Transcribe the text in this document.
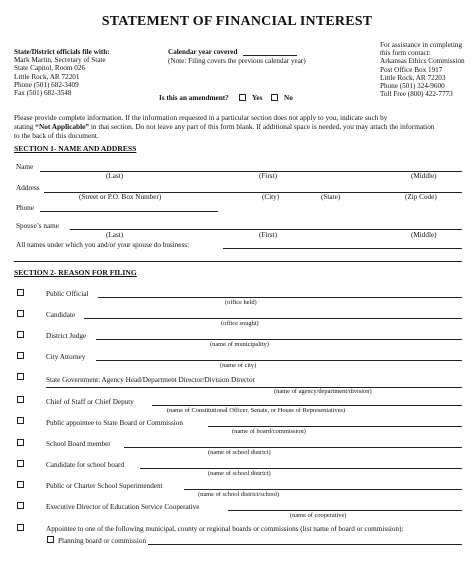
STATEMENT OF FINANCIAL INTEREST
State/District officials file with:
Mark Martin, Secretary of State
State Capitol, Room 026
Little Rock, AR 72201
Phone (501) 682-3409
Fax (501) 682-3548
Calendar year covered
(Note: Filing covers the previous calendar year)
Is this an amendment?	Yes	No
For assistance in completing
this form contact:
Arkansas Ethics Commission
Post Office Box 1917
Little Rock, AR 72203
Phone (501) 324-9600
Toll Free (800) 422-7773
Please provide complete information. If the information requested in a particular section does not apply to you, indicate such by
stating “Not Applicable” in that section. Do not leave any part of this form blank. If additional space is needed, you may attach the information
to the back of this document.
SECTION 1- NAME AND ADDRESS
Name
(Last)	(First)	(Middle)
Address
(Street or P.O. Box Number)	(City)	(State)	(Zip Code)
Phone
Spouse’s name
(Last)	(First)	(Middle)
All names under which you and/or your spouse do business:
SECTION 2- REASON FOR FILING
Public Official
(office held)
Candidate
(office sought)
District Judge
(name of municipality)
City Attorney
(name of city)
State Government: Agency Head/Department Director/Division Director
(name of agency/department/division)
Chief of Staff or Chief Deputy
(name of Constitutional Officer, Senate, or House of Representatives)
Public appointee to State Board or Commission
(name of board/commission)
School Board member
(name of school district)
Candidate for school board
(name of school district)
Public or Charter School Superintendent
(name of school district/school)
Executive Director of Education Service Cooperative
(name of cooperative)
Appointee to one of the following municipal, county or regional boards or commissions (list name of board or commission):
Planning board or commission
